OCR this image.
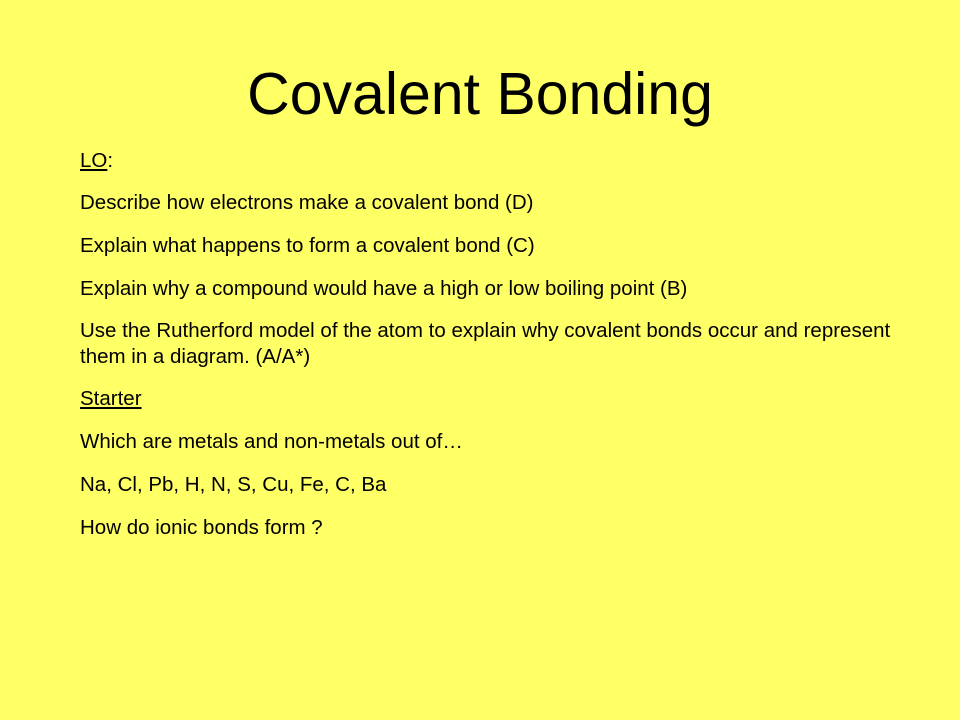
Covalent Bonding

LO:

Describe how electrons make a covalent bond (D)

Explain what happens to form a covalent bond (C)

Explain why a compound would have a high or low boiling point (B)

Use the Rutherford model of the atom to explain why covalent bonds occur and represent them in a diagram. (A/A*)

Starter

Which are metals and non-metals out of…

Na, Cl, Pb, H, N, S, Cu, Fe, C, Ba

How do ionic bonds form ?
